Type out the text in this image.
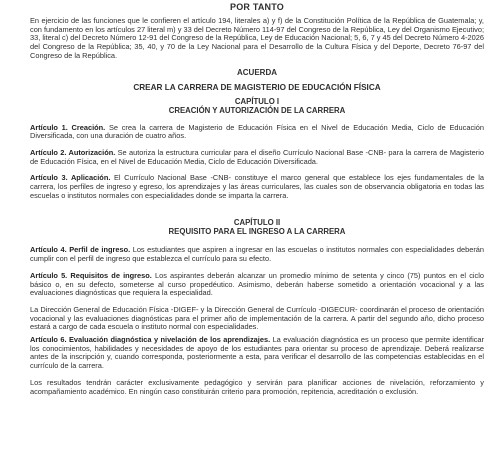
POR TANTO

En ejercicio de las funciones que le confieren el artículo 194, literales a) y f) de la Constitución Política de la República de Guatemala; y, con fundamento en los artículos 27 literal m) y 33 del Decreto Número 114-97 del Congreso de la República, Ley del Organismo Ejecutivo; 33, literal c) del Decreto Número 12-91 del Congreso de la República, Ley de Educación Nacional; 5, 6, 7 y 45 del Decreto Número 4-2026 del Congreso de la República; 35, 40, y 70 de la Ley Nacional para el Desarrollo de la Cultura Física y del Deporte, Decreto 76-97 del Congreso de la República.

ACUERDA
CREAR LA CARRERA DE MAGISTERIO DE EDUCACIÓN FÍSICA
CAPÍTULO I
CREACIÓN Y AUTORIZACIÓN DE LA CARRERA

Artículo 1. Creación. Se crea la carrera de Magisterio de Educación Física en el Nivel de Educación Media, Ciclo de Educación Diversificada, con una duración de cuatro años.

Artículo 2. Autorización. Se autoriza la estructura curricular para el diseño Currículo Nacional Base -CNB- para la carrera de Magisterio de Educación Física, en el Nivel de Educación Media, Ciclo de Educación Diversificada.

Artículo 3. Aplicación. El Currículo Nacional Base -CNB- constituye el marco general que establece los ejes fundamentales de la carrera, los perfiles de ingreso y egreso, los aprendizajes y las áreas curriculares, las cuales son de observancia obligatoria en todas las escuelas o institutos normales con especialidades donde se imparta la carrera.

CAPÍTULO II
REQUISITO PARA EL INGRESO A LA CARRERA

Artículo 4. Perfil de ingreso. Los estudiantes que aspiren a ingresar en las escuelas o institutos normales con especialidades deberán cumplir con el perfil de ingreso que establezca el currículo para su efecto.

Artículo 5. Requisitos de ingreso. Los aspirantes deberán alcanzar un promedio mínimo de setenta y cinco (75) puntos en el ciclo básico o, en su defecto, someterse al curso propedéutico. Asimismo, deberán haberse sometido a orientación vocacional y a las evaluaciones diagnósticas que requiera la especialidad.

La Dirección General de Educación Física -DIGEF- y la Dirección General de Currículo -DIGECUR- coordinarán el proceso de orientación vocacional y las evaluaciones diagnósticas para el primer año de implementación de la carrera. A partir del segundo año, dicho proceso estará a cargo de cada escuela o instituto normal con especialidades.

Artículo 6. Evaluación diagnóstica y nivelación de los aprendizajes. La evaluación diagnóstica es un proceso que permite identificar los conocimientos, habilidades y necesidades de apoyo de los estudiantes para orientar su proceso de aprendizaje. Deberá realizarse antes de la inscripción y, cuando corresponda, posteriormente a esta, para verificar el desarrollo de las competencias establecidas en el currículo de la carrera.

Los resultados tendrán carácter exclusivamente pedagógico y servirán para planificar acciones de nivelación, reforzamiento y acompañamiento académico. En ningún caso constituirán criterio para promoción, repitencia, acreditación o exclusión.
